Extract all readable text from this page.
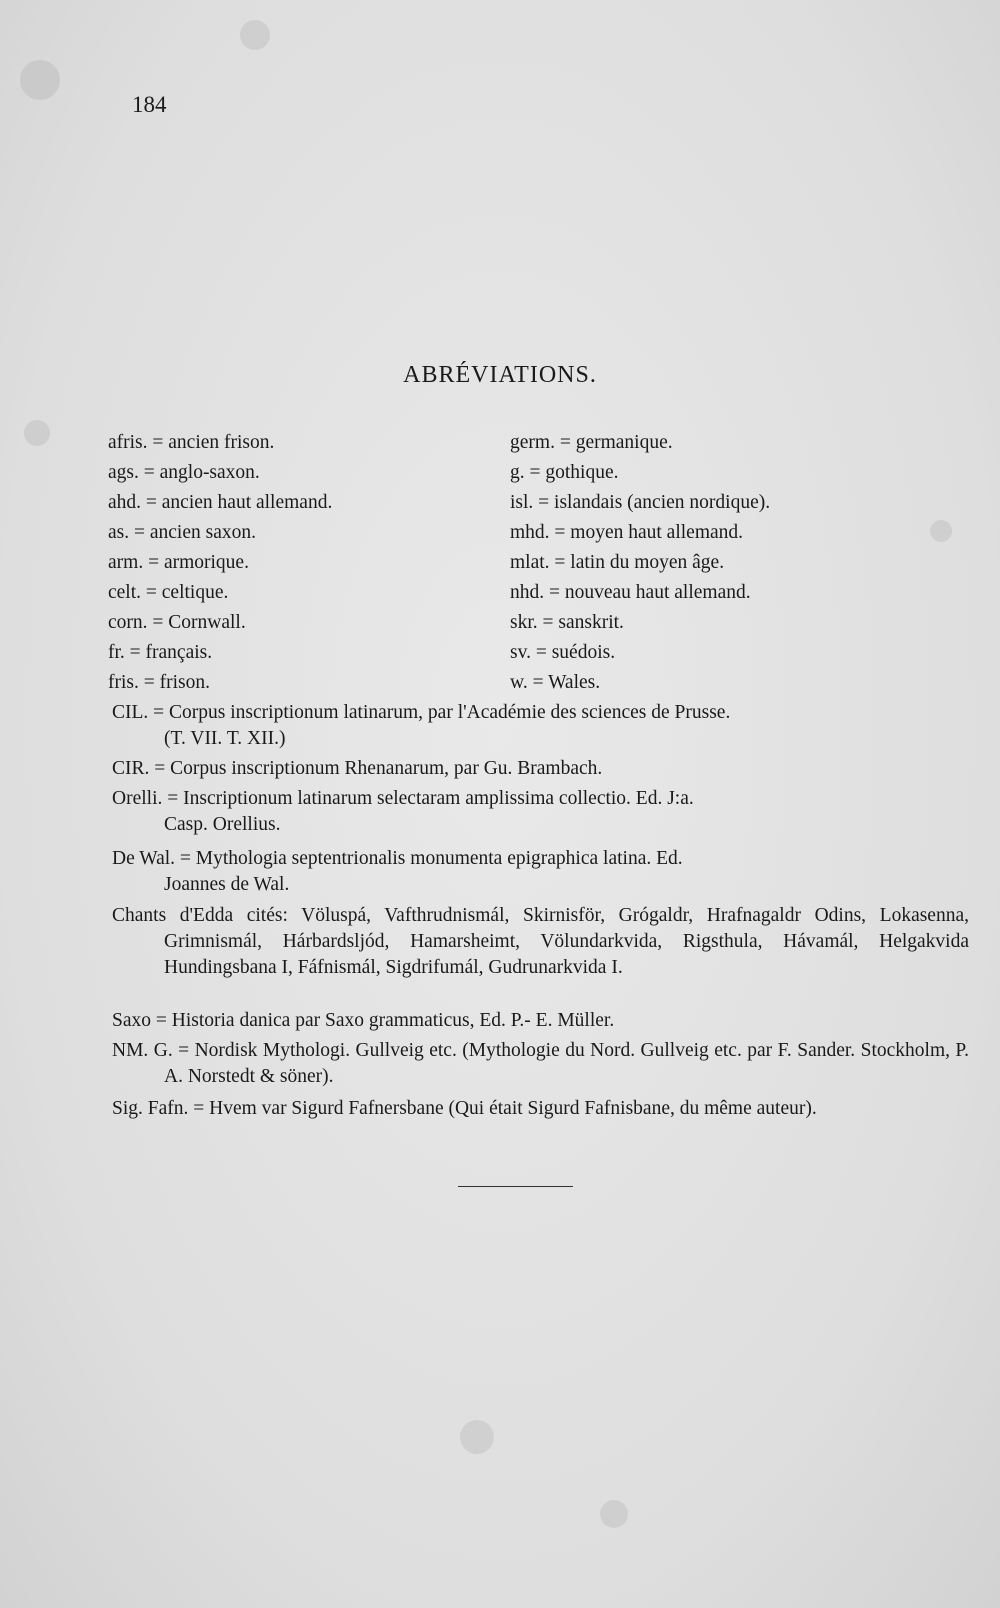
184
ABRÉVIATIONS.
afris. = ancien frison.
ags. = anglo-saxon.
ahd. = ancien haut allemand.
as. = ancien saxon.
arm. = armorique.
celt. = celtique.
corn. = Cornwall.
fr. = français.
fris. = frison.
germ. = germanique.
g. = gothique.
isl. = islandais (ancien nordique).
mhd. = moyen haut allemand.
mlat. = latin du moyen âge.
nhd. = nouveau haut allemand.
skr. = sanskrit.
sv. = suédois.
w. = Wales.
CIL. = Corpus inscriptionum latinarum, par l'Académie des sciences de Prusse.
(T. VII. T. XII.)
CIR. = Corpus inscriptionum Rhenanarum, par Gu. Brambach.
Orelli. = Inscriptionum latinarum selectaram amplissima collectio. Ed. J:a.
Casp. Orellius.
De Wal. = Mythologia septentrionalis monumenta epigraphica latina. Ed.
Joannes de Wal.
Chants d'Edda cités: Völuspá, Vafthrudnismál, Skirnisför, Grógaldr, Hrafnagaldr Odins, Lokasenna, Grimnismál, Hárbardsljód, Hamarsheimt, Völundarkvida, Rigsthula, Hávamál, Helgakvida Hundingsbana I, Fáfnismál, Sigdrifumál, Gudrunarkvida I.
Saxo = Historia danica par Saxo grammaticus, Ed. P.- E. Müller.
NM. G. = Nordisk Mythologi. Gullveig etc. (Mythologie du Nord. Gullveig etc. par F. Sander. Stockholm, P. A. Norstedt & söner).
Sig. Fafn. = Hvem var Sigurd Fafnersbane (Qui était Sigurd Fafnisbane, du même auteur).
